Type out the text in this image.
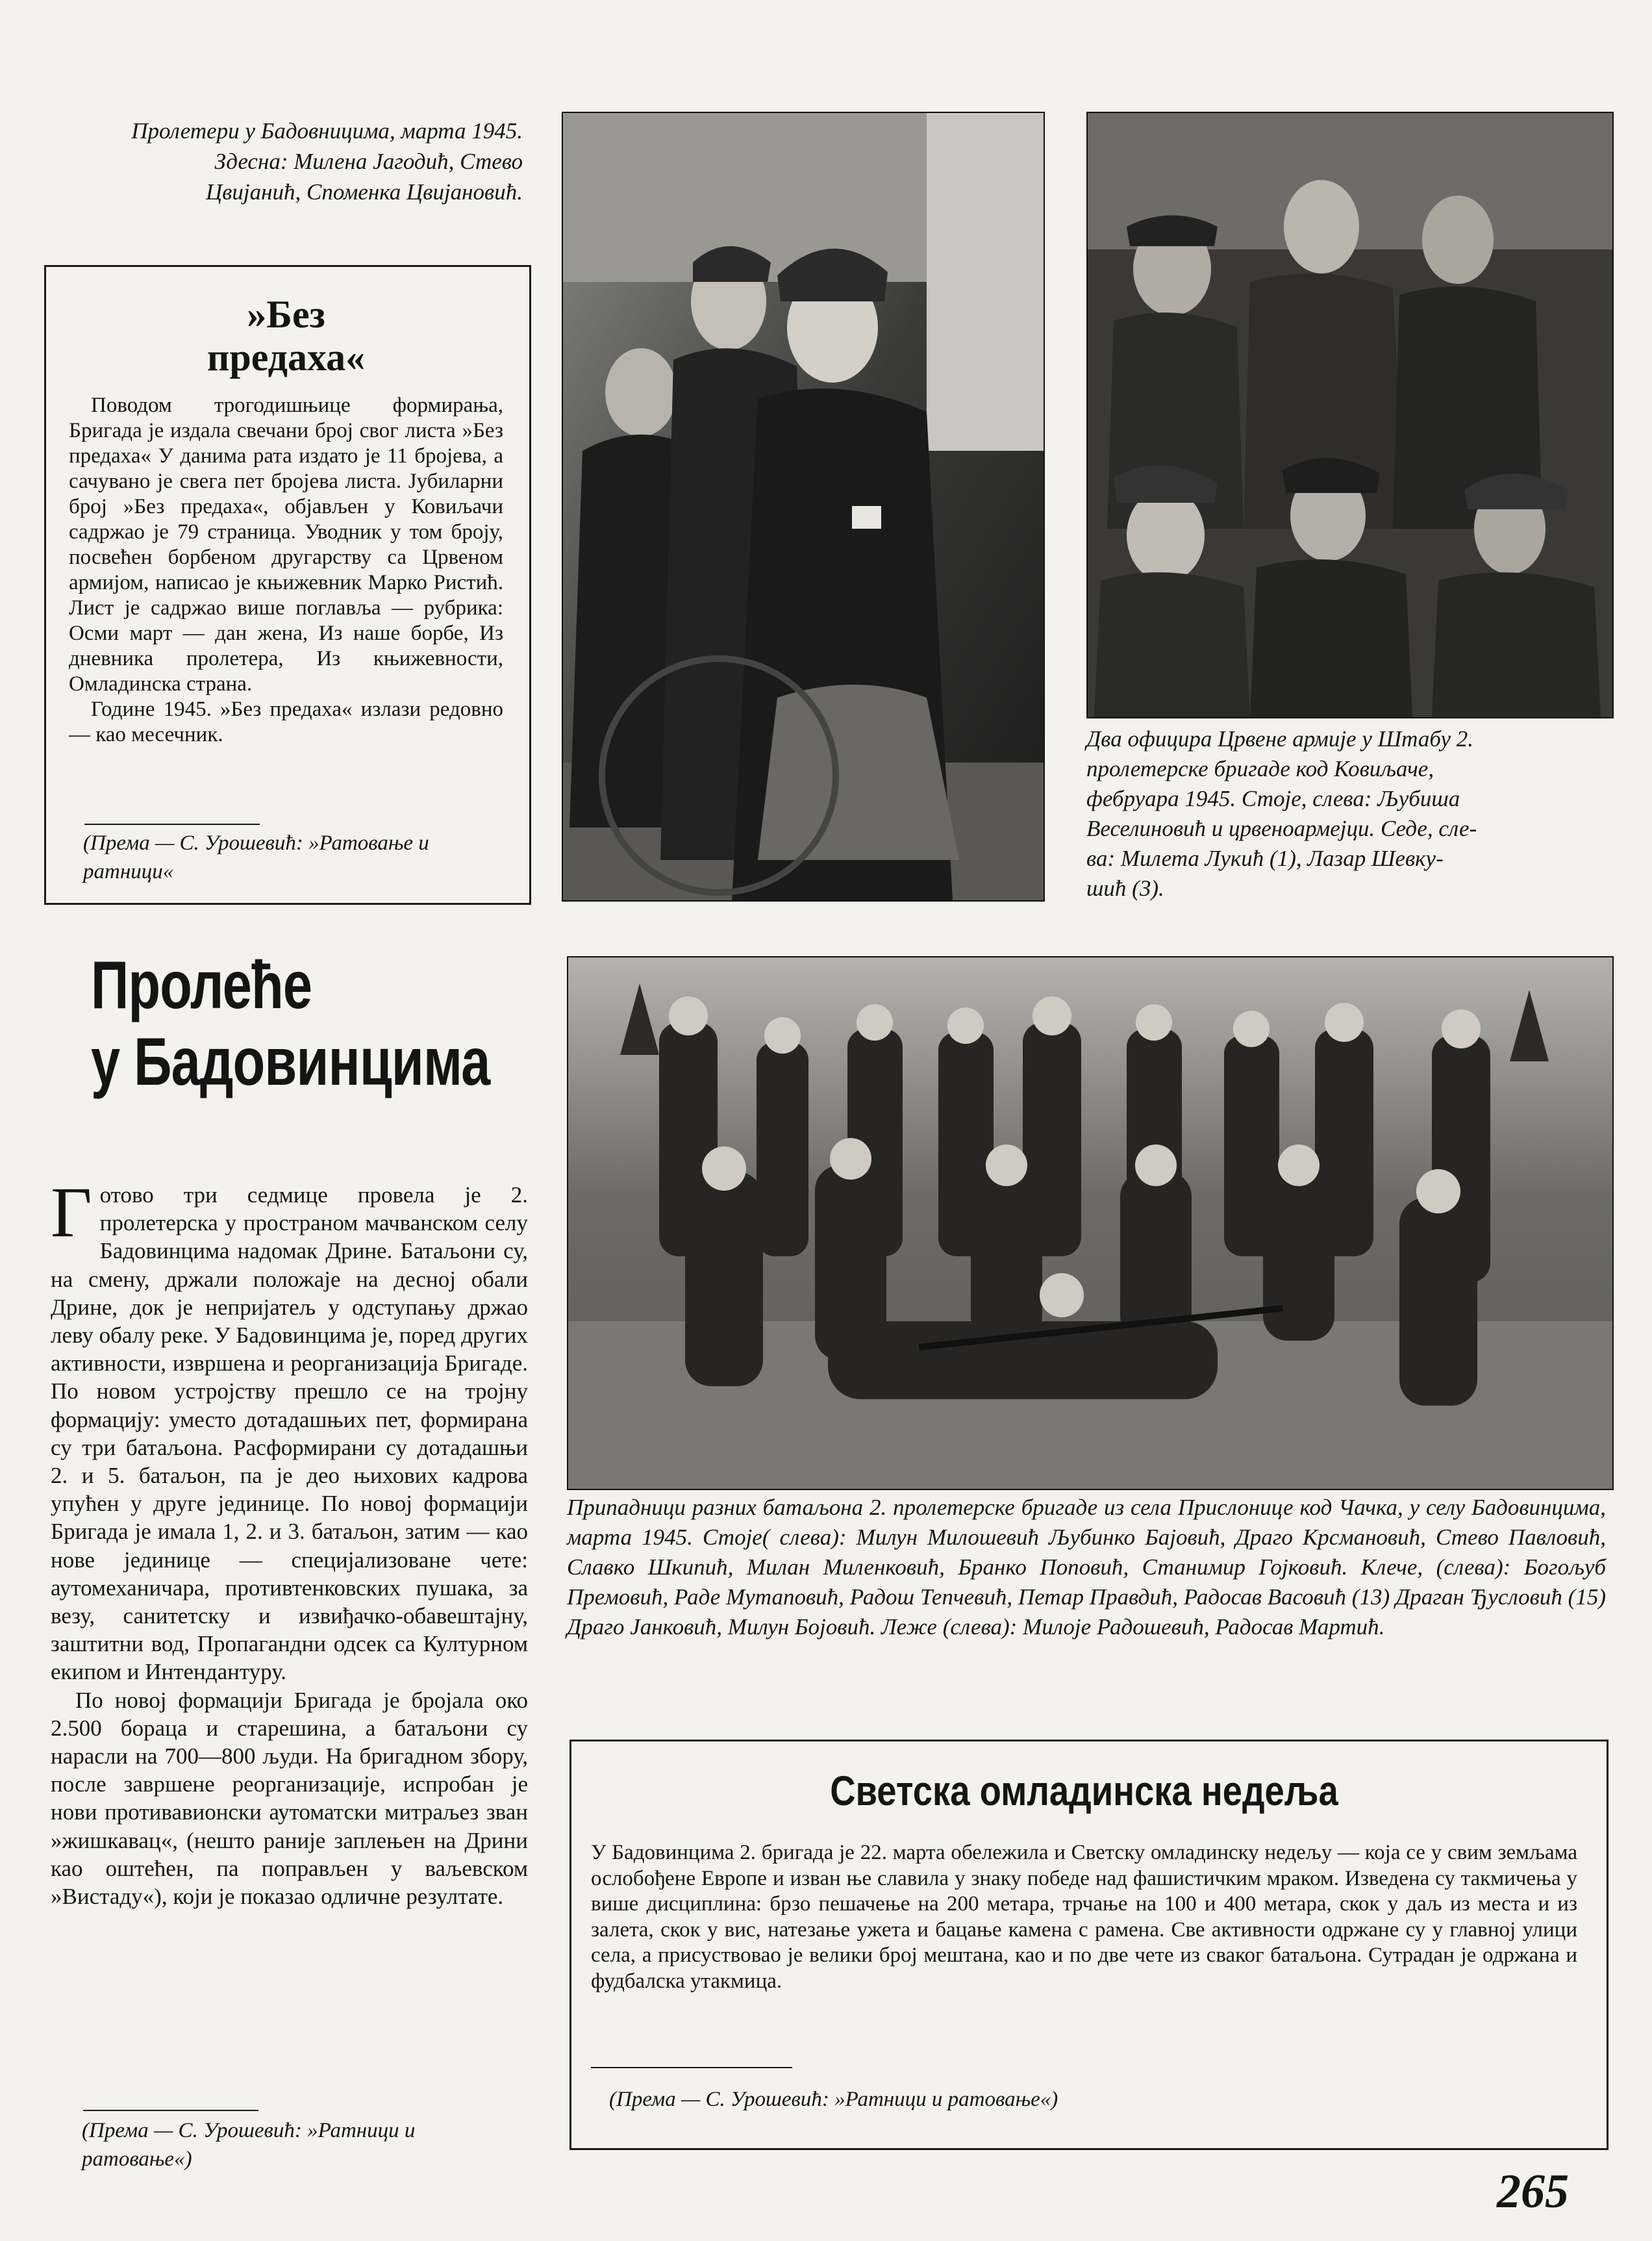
Пролетери у Бадовницима, марта 1945.
Здесна: Милена Јагодић, Стево
Цвијанић, Споменка Цвијановић.

»Без
предаха«

Поводом трогодишњице формирања, Бригада је издала свечани број свог листа »Без предаха« У данима рата издато је 11 бројева, а сачувано је свега пет бројева листа. Јубиларни број »Без предаха«, објављен у Ковиљачи садржао је 79 страница. Уводник у том броју, посвећен борбеном другарству са Црвеном армијом, написао је књижевник Марко Ристић. Лист је садржао више поглавља — рубрика: Осми март — дан жена, Из наше борбе, Из дневника пролетера, Из књижевности, Омладинска страна.

Године 1945. »Без предаха« излази редовно — као месечник.

(Према — С. Урошевић: »Ратовање и
ратници«
Два официра Црвене армије у Штабу 2.
пролетерске бригаде код Ковиљаче,
фебруара 1945. Стоје, слева: Љубиша
Веселиновић и црвеноармејци. Седе, сле-
ва: Милета Лукић (1), Лазар Шевку-
шић (3).

Пролеће

у Бадовинцима

Готово три седмице провела је 2. пролетерска у пространом мачванском селу Бадовинцима надомак Дрине. Батаљони су, на смену, држали положаје на десној обали Дрине, док је непријатељ у одступању држао леву обалу реке. У Бадовинцима је, поред других активности, извршена и реорганизација Бригаде. По новом устројству прешло се на тројну формацију: уместо дотадашњих пет, формирана су три батаљона. Расформирани су дотадашњи 2. и 5. батаљон, па је део њихових кадрова упућен у друге јединице. По новој формацији Бригада је имала 1, 2. и 3. батаљон, затим — као нове јединице — специјализоване чете: аутомеханичара, противтенковских пушака, за везу, санитетску и извиђачко-обавештајну, заштитни вод, Пропагандни одсек са Културном екипом и Интендантуру.

По новој формацији Бригада је бројала око 2.500 бораца и старешина, а батаљони су нарасли на 700—800 људи. На бригадном збору, после завршене реорганизације, испробан је нови противавионски аутоматски митраљез зван »жишкавац«, (нешто раније заплењен на Дрини као оштећен, па поправљен у ваљевском »Вистаду«), који је показао одличне резултате.

(Према — С. Урошевић: »Ратници и
ратовање«)
Припадници разних батаљона 2. пролетерске бригаде из села Прислонице код Чачка, у селу Бадовинцима, марта 1945. Стоје( слева): Милун Милошевић Љубинко Бајовић, Драго Крсмановић, Стево Павловић, Славко Шкипић, Милан Миленковић, Бранко Поповић, Станимир Гојковић. Клече, (слева): Богољуб Премовић, Раде Мутаповић, Радош Тепчевић, Петар Правдић, Радосав Васовић (13) Драган Ђусловић (15) Драго Јанковић, Милун Бојовић. Леже (слева): Милоје Радошевић, Радосав Мартић.

Светска омладинска недеља

У Бадовинцима 2. бригада је 22. марта обележила и Светску омладинску недељу — која се у свим земљама ослобођене Европе и изван ње славила у знаку победе над фашистичким мраком. Изведена су такмичења у више дисциплина: брзо пешачење на 200 метара, трчање на 100 и 400 метара, скок у даљ из места и из залета, скок у вис, натезање ужета и бацање камена с рамена. Све активности одржане су у главној улици села, а присуствовао је велики број мештана, као и по две чете из сваког батаљона. Сутрадан је одржана и фудбалска утакмица.

(Према — С. Урошевић: »Ратници и ратовање«)
265
